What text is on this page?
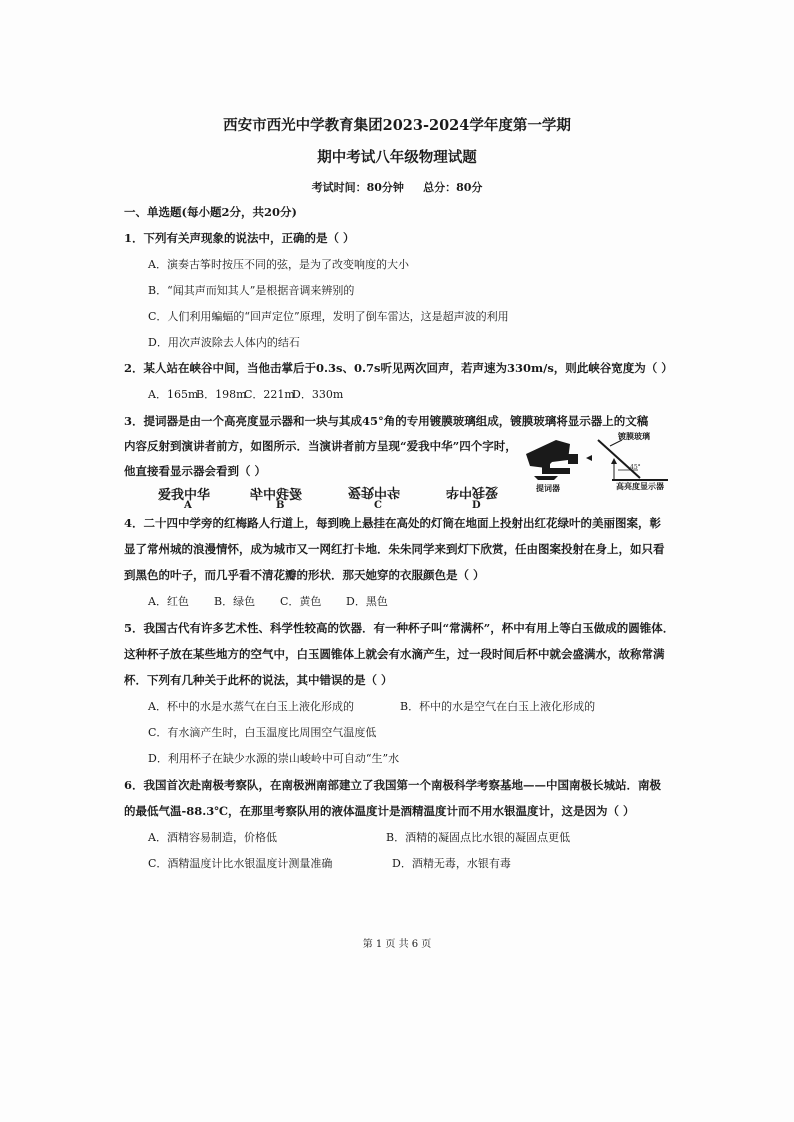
西安市西光中学教育集团2023-2024学年度第一学期
期中考试八年级物理试题
考试时间：80分钟     总分：80分
一、单选题(每小题2分，共20分)
1．下列有关声现象的说法中，正确的是（ ）
A．演奏古筝时按压不同的弦，是为了改变响度的大小
B．“闻其声而知其人”是根据音调来辨别的
C．人们利用蝙蝠的“回声定位”原理，发明了倒车雷达，这是超声波的利用
D．用次声波除去人体内的结石
2．某人站在峡谷中间，当他击掌后于0.3s、0.7s听见两次回声，若声速为330m/s，则此峡谷宽度为（ ）
A．165m
B．198m
C．221m
D．330m
3．提词器是由一个高亮度显示器和一块与其成45°角的专用镀膜玻璃组成，镀膜玻璃将显示器上的文稿
内容反射到演讲者前方，如图所示．当演讲者前方呈现“爱我中华”四个字时，
他直接看显示器会看到（ ）
爱我中华	爱我中华	爱我中华	爱我中华
A	B	C	D
镀膜玻璃
45°
高亮度显示器
提词器
4．二十四中学旁的红梅路人行道上，每到晚上悬挂在高处的灯筒在地面上投射出红花绿叶的美丽图案，彰
显了常州城的浪漫情怀，成为城市又一网红打卡地．朱朱同学来到灯下欣赏，任由图案投射在身上，如只看
到黑色的叶子，而几乎看不清花瓣的形状．那天她穿的衣服颜色是（ ）
A．红色 B．绿色 C．黄色 D．黑色
5．我国古代有许多艺术性、科学性较高的饮器．有一种杯子叫“常满杯”，杯中有用上等白玉做成的圆锥体．
这种杯子放在某些地方的空气中，白玉圆锥体上就会有水滴产生，过一段时间后杯中就会盛满水，故称常满
杯．下列有几种关于此杯的说法，其中错误的是（ ）
A．杯中的水是水蒸气在白玉上液化形成的	B．杯中的水是空气在白玉上液化形成的
C．有水滴产生时，白玉温度比周围空气温度低
D．利用杯子在缺少水源的崇山峻岭中可自动“生”水
6．我国首次赴南极考察队，在南极洲南部建立了我国第一个南极科学考察基地——中国南极长城站．南极
的最低气温-88.3℃，在那里考察队用的液体温度计是酒精温度计而不用水银温度计，这是因为（ ）
A．酒精容易制造，价格低	B．酒精的凝固点比水银的凝固点更低
C．酒精温度计比水银温度计测量准确	D．酒精无毒，水银有毒
第 1 页 共 6 页
